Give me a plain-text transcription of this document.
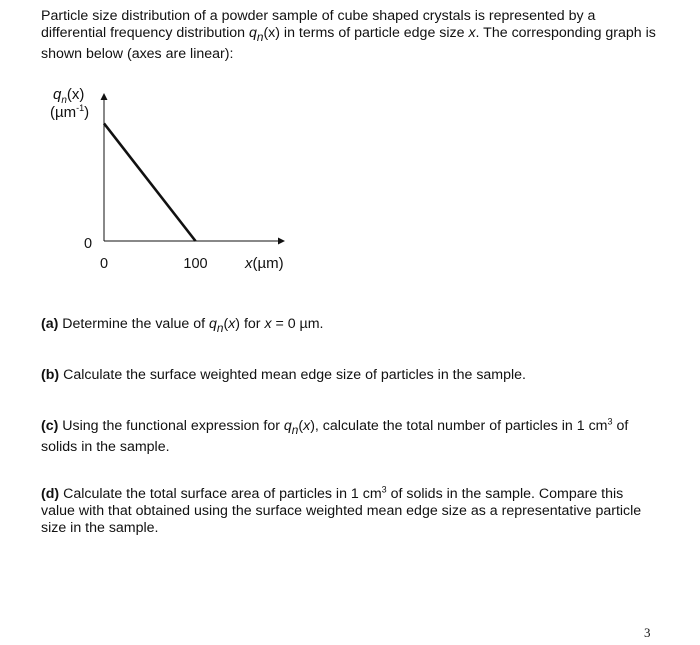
Particle size distribution of a powder sample of cube shaped crystals is represented by a differential frequency distribution $q_n(x)$ in terms of particle edge size x. The corresponding graph is shown below (axes are linear):
$q_n(x)$
(µm$^{-1}$)
0
0	100 x(µm)
(a) Determine the value of $q_n(x)$ for x = 0 µm.
(b) Calculate the surface weighted mean edge size of particles in the sample.
(c) Using the functional expression for $q_n(x)$, calculate the total number of particles in 1 $cm^3$ of solids in the sample.
(d) Calculate the total surface area of particles in 1 $cm^3$ of solids in the sample. Compare this value with that obtained using the surface weighted mean edge size as a representative particle size in the sample.
3
